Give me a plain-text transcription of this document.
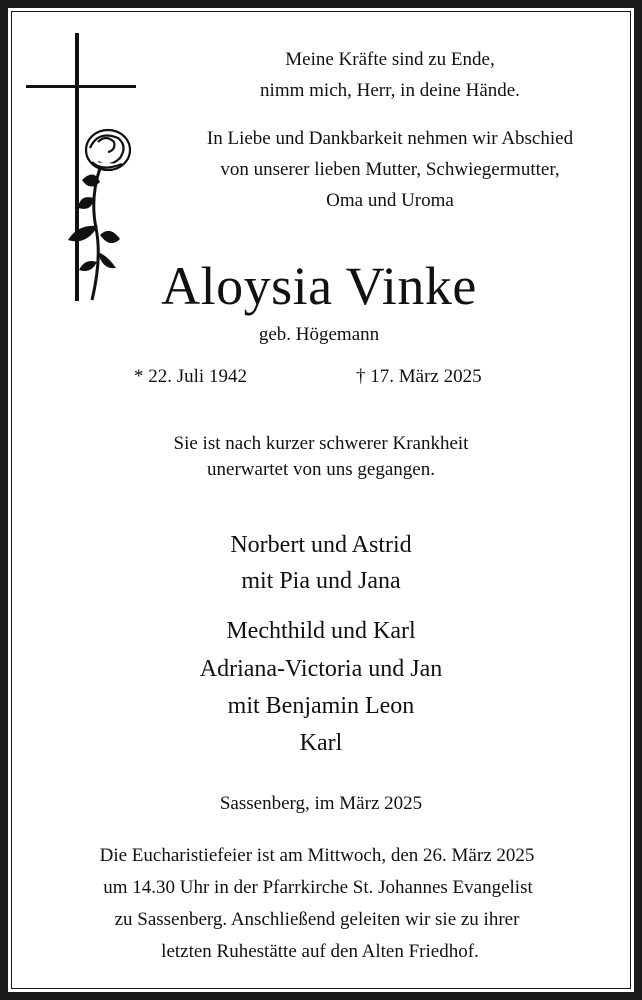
Meine Kräfte sind zu Ende,
nimm mich, Herr, in deine Hände.
In Liebe und Dankbarkeit nehmen wir Abschied
von unserer lieben Mutter, Schwiegermutter,
Oma und Uroma
Aloysia Vinke
geb. Högemann
* 22. Juli 1942	† 17. März 2025
Sie ist nach kurzer schwerer Krankheit
unerwartet von uns gegangen.
Norbert und Astrid
mit Pia und Jana
Mechthild und Karl
Adriana-Victoria und Jan
mit Benjamin Leon
Karl
Sassenberg, im März 2025
Die Eucharistiefeier ist am Mittwoch, den 26. März 2025
um 14.30 Uhr in der Pfarrkirche St. Johannes Evangelist
zu Sassenberg. Anschließend geleiten wir sie zu ihrer
letzten Ruhestätte auf den Alten Friedhof.
